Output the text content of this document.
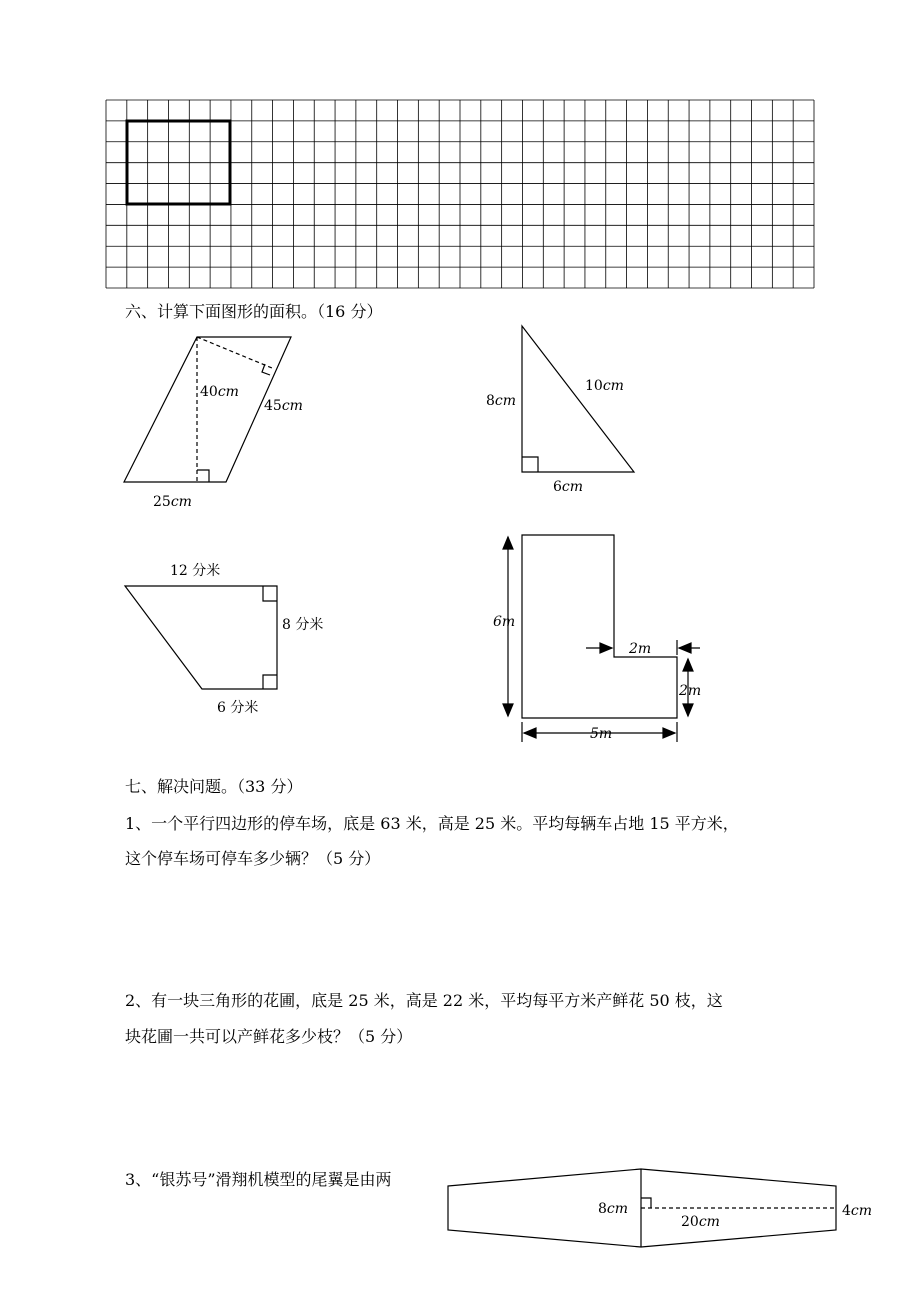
六、计算下面图形的面积。（16 分）
40cm
45cm
25cm
8cm
10cm
6cm
12 分米
8 分米
6 分米
6m
2m
2m
5m
七、解决问题。（33 分）
1、一个平行四边形的停车场，底是 63 米，高是 25 米。平均每辆车占地 15 平方米，
这个停车场可停车多少辆？（5 分）
2、有一块三角形的花圃，底是 25 米，高是 22 米，平均每平方米产鲜花 50 枝，这
块花圃一共可以产鲜花多少枝？（5 分）
3、“银苏号”滑翔机模型的尾翼是由两
8cm
20cm
4cm
